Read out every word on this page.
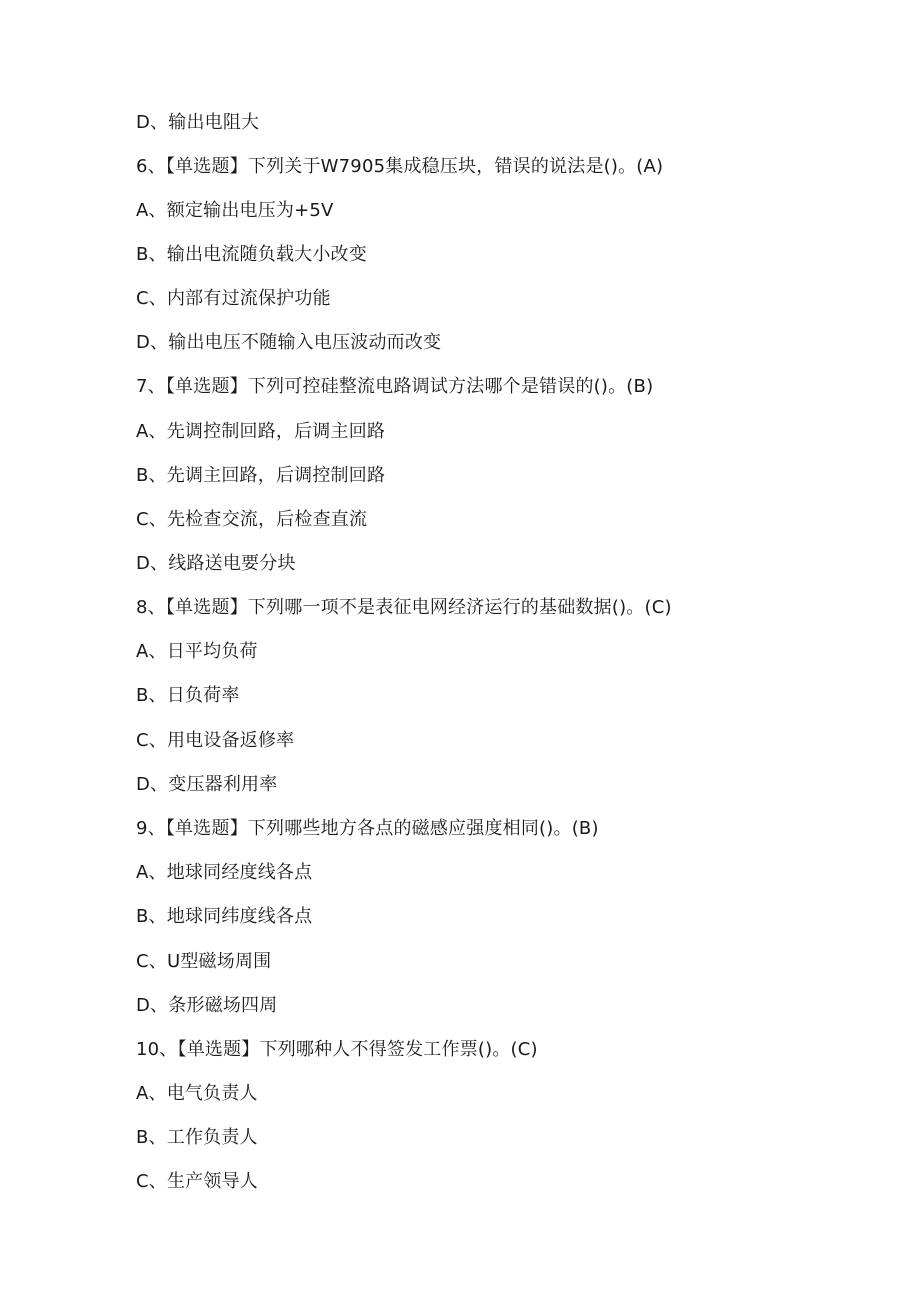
D、输出电阻大
6、【单选题】下列关于W7905集成稳压块，错误的说法是()。(A)
A、额定输出电压为+5V
B、输出电流随负载大小改变
C、内部有过流保护功能
D、输出电压不随输入电压波动而改变
7、【单选题】下列可控硅整流电路调试方法哪个是错误的()。(B)
A、先调控制回路，后调主回路
B、先调主回路，后调控制回路
C、先检查交流，后检查直流
D、线路送电要分块
8、【单选题】下列哪一项不是表征电网经济运行的基础数据()。(C)
A、日平均负荷
B、日负荷率
C、用电设备返修率
D、变压器利用率
9、【单选题】下列哪些地方各点的磁感应强度相同()。(B)
A、地球同经度线各点
B、地球同纬度线各点
C、U型磁场周围
D、条形磁场四周
10、【单选题】下列哪种人不得签发工作票()。(C)
A、电气负责人
B、工作负责人
C、生产领导人
